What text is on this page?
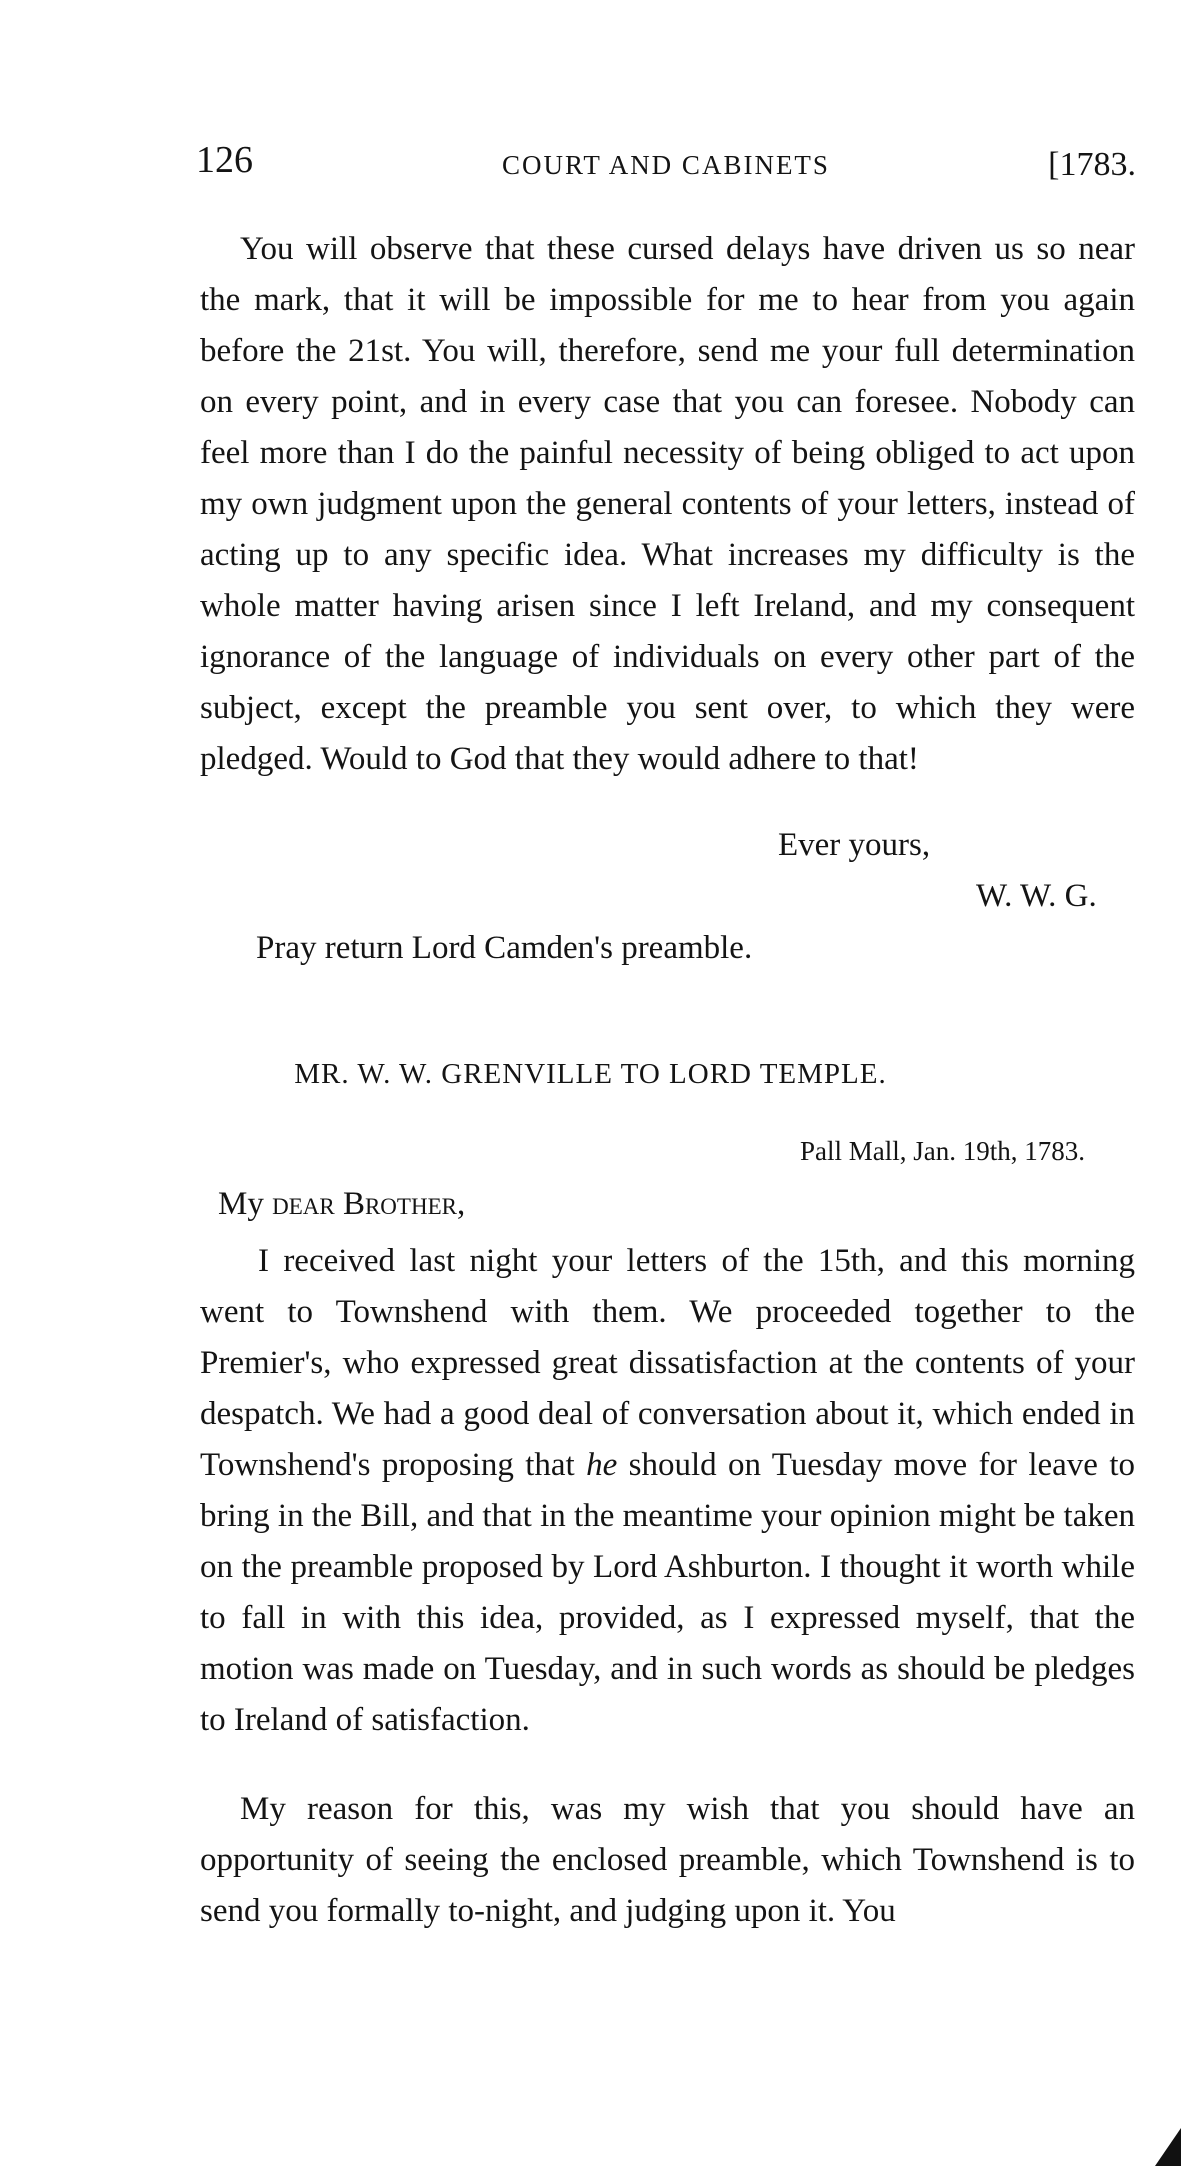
126	COURT AND CABINETS	[1783.
You will observe that these cursed delays have driven us so near the mark, that it will be impossible for me to hear from you again before the 21st. You will, therefore, send me your full determination on every point, and in every case that you can foresee. Nobody can feel more than I do the painful necessity of being obliged to act upon my own judgment upon the general contents of your letters, instead of acting up to any specific idea. What increases my difficulty is the whole matter having arisen since I left Ireland, and my consequent ignorance of the language of individuals on every other part of the subject, except the preamble you sent over, to which they were pledged. Would to God that they would adhere to that!
Ever yours,
W. W. G.
Pray return Lord Camden's preamble.
MR. W. W. GRENVILLE TO LORD TEMPLE.
Pall Mall, Jan. 19th, 1783.
My dear Brother,
I received last night your letters of the 15th, and this morning went to Townshend with them. We proceeded together to the Premier's, who expressed great dissatisfaction at the contents of your despatch. We had a good deal of conversation about it, which ended in Townshend's proposing that he should on Tuesday move for leave to bring in the Bill, and that in the meantime your opinion might be taken on the preamble proposed by Lord Ashburton. I thought it worth while to fall in with this idea, provided, as I expressed myself, that the motion was made on Tuesday, and in such words as should be pledges to Ireland of satisfaction.
My reason for this, was my wish that you should have an opportunity of seeing the enclosed preamble, which Townshend is to send you formally to-night, and judging upon it. You
